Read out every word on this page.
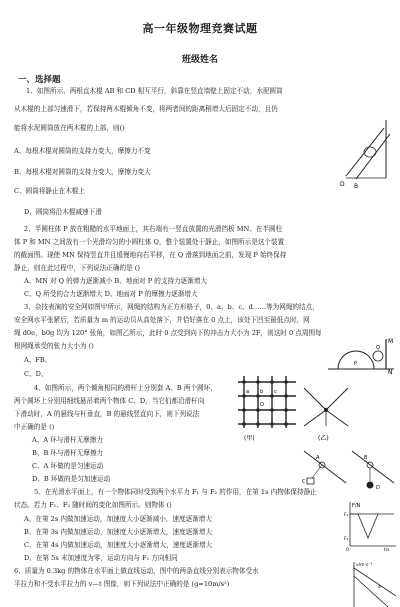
高一年级物理竞赛试题
班级姓名
一、选择题
1、如图所示，两根直木棍 AB 和 CD 相互平行，斜靠在竖直墙壁上固定不动，水泥圆筒
从木棍的上部匀速滑下，若保持两木棍倾角不变，将两者间的距离稍增大后固定不动，且仍
能将水泥圆筒放在两木棍的上部，则()
A、每根木棍对圆筒的支持力变大，摩擦力不变
B、每根木棍对圆筒的支持力变大，摩擦力变大
C、圆筒将静止在木棍上
D、圆筒将沿木棍减速下滑
2、半圆柱体 P 放在粗糙的水平地面上，其右端有一竖直放置的光滑挡板 MN。在半圆柱
体 P 和 MN 之间放有一个光滑均匀的小圆柱体 Q，整个装置处于静止，如图所示是这个装置
的截面图。现使 MN 保持竖直并且缓慢地向右平移，在 Q 滑落到地面之前，发现 P 始终保持
静止，则在此过程中，下列说法正确的是 ()
A、MN 对 Q 的弹力逐渐减小 B、地面对 P 的支持力逐渐增大
C、Q 所受的合力逐渐增大 D、地面对 P 的摩擦力逐渐增大
3、杂技表演的安全网如图甲所示，网绳的结构为正方形格子，0、a、b、c、d……等为网绳的结点，
安全网水平张紧后，若质量为 m 的运动员从高处落下，并恰好落在 0 点上，该处下凹至最低点时，网
绳 d0e，b0g 均为 120° 张角，如图乙所示，此时 0 点受到向下的冲击力大小为 2F，则这时 0 点周围每
根网绳承受的张力大小为 ()
A、FB、
C、D、
4、如图所示，两个倾角相同的滑杆上分别套 A、B 两个圆环，
两个圆环上分别用细线悬吊着两个物体 C、D，当它们都沿滑杆向
下滑动时，A 的悬线与杆垂直，B 的悬线竖直向下，则下列说法
中正确的是 ()
A、A 环与滑杆无摩擦力
B、B 环与滑杆无摩擦力
C、A 环做的是匀速运动
D、B 环做的是匀加速运动
5、在光滑水平面上，有一个物体同时受到两个水平力 F₁ 与 F₂ 的作用，在第 1s 内物体保持静止
状态。若力 F₁、F₂ 随时间的变化如图所示。则物体 ()
A、在第 2s 内做加速运动，加速度大小逐渐减小，速度逐渐增大
B、在第 3s 内做加速运动，加速度大小逐渐增大，速度逐渐增大
C、在第 4s 内做加速运动，加速度大小逐渐增大，速度逐渐增大
D、在第 5s 末加速度为零，运动方向与 F₁ 方向相同
6、质量为 0.3kg 的物体在水平面上做直线运动，图中的两条直线分别表示物体受水
平拉力和不受水平拉力的 v—t 图像，则下列说法中正确的是 (g=10m/s²)
D B
M
Q
P
N
O
a b c
(甲)	(乙)
A
C
B
D
F/N
F₁
F₂
0	t/s
v/m·s⁻¹
a
